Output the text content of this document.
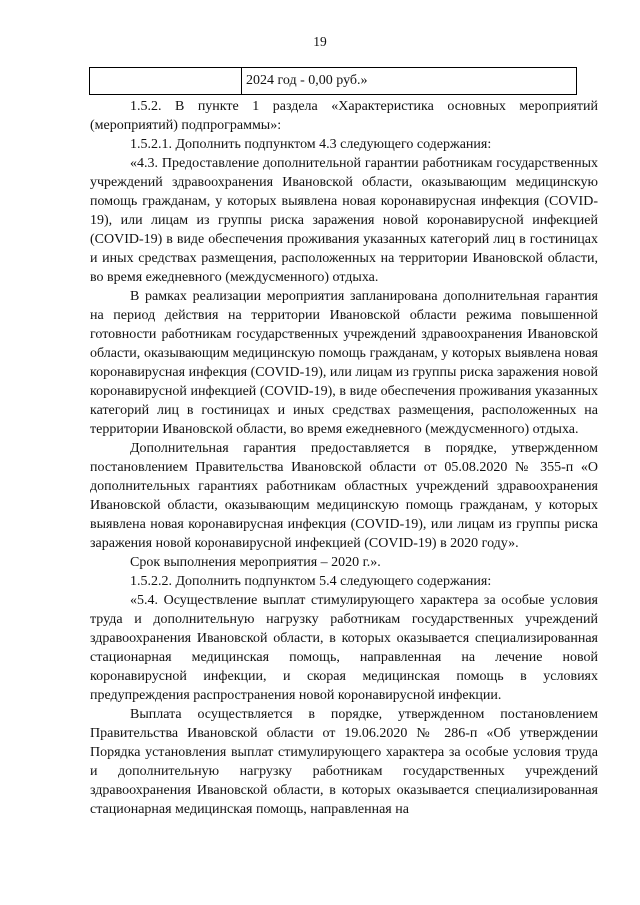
19
	2024 год - 0,00 руб.»

1.5.2. В пункте 1 раздела «Характеристика основных мероприятий (мероприятий) подпрограммы»:

1.5.2.1. Дополнить подпунктом 4.3 следующего содержания:

«4.3. Предоставление дополнительной гарантии работникам государственных учреждений здравоохранения Ивановской области, оказывающим медицинскую помощь гражданам, у которых выявлена новая коронавирусная инфекция (COVID-19), или лицам из группы риска заражения новой коронавирусной инфекцией (COVID-19) в виде обеспечения проживания указанных категорий лиц в гостиницах и иных средствах размещения, расположенных на территории Ивановской области, во время ежедневного (междусменного) отдыха.

В рамках реализации мероприятия запланирована дополнительная гарантия на период действия на территории Ивановской области режима повышенной готовности работникам государственных учреждений здравоохранения Ивановской области, оказывающим медицинскую помощь гражданам, у которых выявлена новая коронавирусная инфекция (COVID-19), или лицам из группы риска заражения новой коронавирусной инфекцией (COVID-19), в виде обеспечения проживания указанных категорий лиц в гостиницах и иных средствах размещения, расположенных на территории Ивановской области, во время ежедневного (междусменного) отдыха.

Дополнительная гарантия предоставляется в порядке, утвержденном постановлением Правительства Ивановской области от 05.08.2020 № 355-п «О дополнительных гарантиях работникам областных учреждений здравоохранения Ивановской области, оказывающим медицинскую помощь гражданам, у которых выявлена новая коронавирусная инфекция (COVID-19), или лицам из группы риска заражения новой коронавирусной инфекцией (COVID-19) в 2020 году».

Срок выполнения мероприятия – 2020 г.».

1.5.2.2. Дополнить подпунктом 5.4 следующего содержания:

«5.4. Осуществление выплат стимулирующего характера за особые условия труда и дополнительную нагрузку работникам государственных учреждений здравоохранения Ивановской области, в которых оказывается специализированная стационарная медицинская помощь, направленная на лечение новой коронавирусной инфекции, и скорая медицинская помощь в условиях предупреждения распространения новой коронавирусной инфекции.

Выплата осуществляется в порядке, утвержденном постановлением Правительства Ивановской области от 19.06.2020 № 286-п «Об утверждении Порядка установления выплат стимулирующего характера за особые условия труда и дополнительную нагрузку работникам государственных учреждений здравоохранения Ивановской области, в которых оказывается специализированная стационарная медицинская помощь, направленная на
